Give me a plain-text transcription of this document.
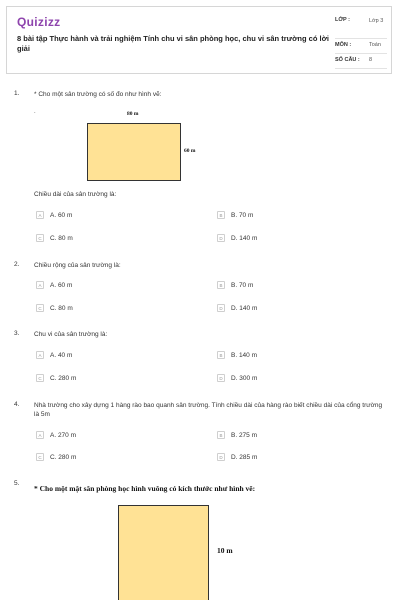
Quizizz
8 bài tập Thực hành và trải nghiệm Tính chu vi sân phòng học, chu vi sân trường có lời giải
LỚP :	Lớp 3
MÔN :	Toán
SỐ CÂU : 8
1. * Cho một sân trường có số đo như hình vẽ:
.	80 m
60 m
Chiều dài của sân trường là:
A	A. 60 m	B	B. 70 m
C	C. 80 m	D	D. 140 m
2. Chiều rộng của sân trường là:
A	A. 60 m	B	B. 70 m
C	C. 80 m	D	D. 140 m
3. Chu vi của sân trường là:
A	A. 40 m	B	B. 140 m
C	C. 280 m	D	D. 300 m
4. Nhà trường cho xây dựng 1 hàng rào bao quanh sân trường. Tính chiều dài của hàng rào biết chiều dài của cổng trường là 5m
A	A. 270 m	B	B. 275 m
C	C. 280 m	D	D. 285 m
5.
* Cho một mặt sân phòng học hình vuông có kích thước như hình vẽ:
10 m
